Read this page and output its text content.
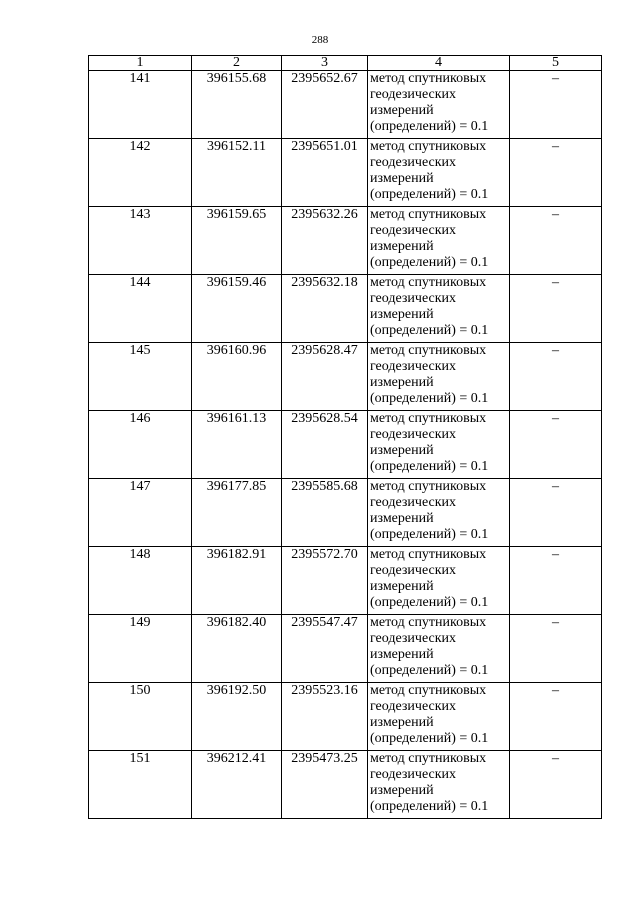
288
1	2	3	4	5
141	396155.68	2395652.67	метод спутниковых
геодезических
измерений
(определений) = 0.1	–
142	396152.11	2395651.01	метод спутниковых
геодезических
измерений
(определений) = 0.1	–
143	396159.65	2395632.26	метод спутниковых
геодезических
измерений
(определений) = 0.1	–
144	396159.46	2395632.18	метод спутниковых
геодезических
измерений
(определений) = 0.1	–
145	396160.96	2395628.47	метод спутниковых
геодезических
измерений
(определений) = 0.1	–
146	396161.13	2395628.54	метод спутниковых
геодезических
измерений
(определений) = 0.1	–
147	396177.85	2395585.68	метод спутниковых
геодезических
измерений
(определений) = 0.1	–
148	396182.91	2395572.70	метод спутниковых
геодезических
измерений
(определений) = 0.1	–
149	396182.40	2395547.47	метод спутниковых
геодезических
измерений
(определений) = 0.1	–
150	396192.50	2395523.16	метод спутниковых
геодезических
измерений
(определений) = 0.1	–
151	396212.41	2395473.25	метод спутниковых
геодезических
измерений
(определений) = 0.1	–
